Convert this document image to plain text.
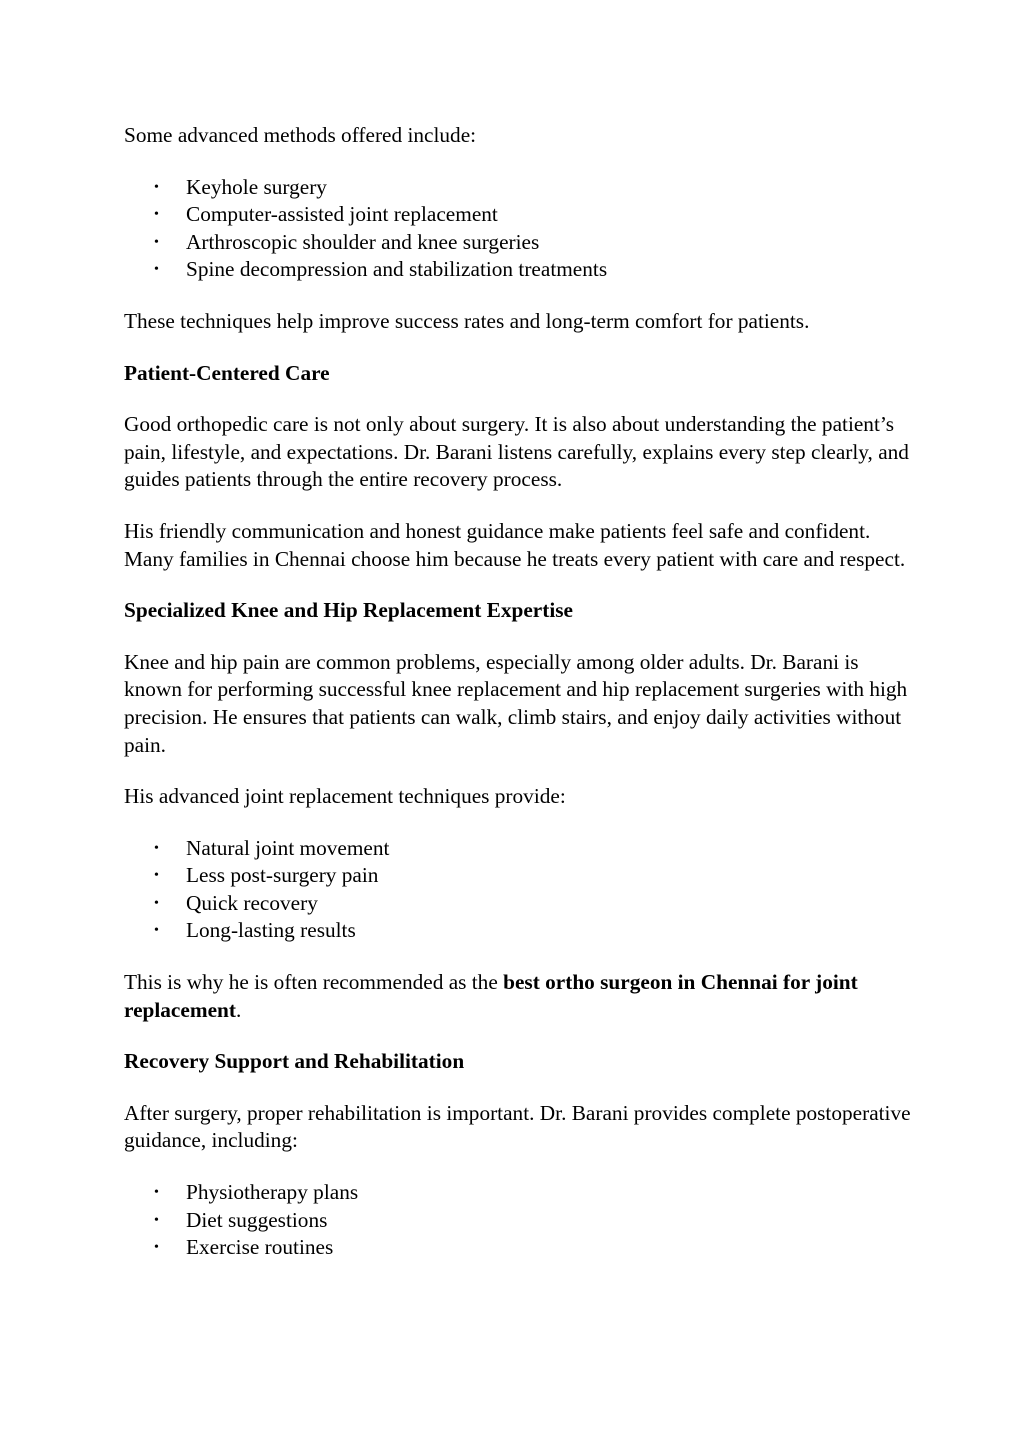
Some advanced methods offered include:

• Keyhole surgery
• Computer-assisted joint replacement
• Arthroscopic shoulder and knee surgeries
• Spine decompression and stabilization treatments

These techniques help improve success rates and long-term comfort for patients.

Patient-Centered Care

Good orthopedic care is not only about surgery. It is also about understanding the patient’s pain, lifestyle, and expectations. Dr. Barani listens carefully, explains every step clearly, and guides patients through the entire recovery process.

His friendly communication and honest guidance make patients feel safe and confident. Many families in Chennai choose him because he treats every patient with care and respect.

Specialized Knee and Hip Replacement Expertise

Knee and hip pain are common problems, especially among older adults. Dr. Barani is known for performing successful knee replacement and hip replacement surgeries with high precision. He ensures that patients can walk, climb stairs, and enjoy daily activities without pain.

His advanced joint replacement techniques provide:

• Natural joint movement
• Less post-surgery pain
• Quick recovery
• Long-lasting results

This is why he is often recommended as the best ortho surgeon in Chennai for joint replacement.

Recovery Support and Rehabilitation

After surgery, proper rehabilitation is important. Dr. Barani provides complete postoperative guidance, including:

• Physiotherapy plans
• Diet suggestions
• Exercise routines
